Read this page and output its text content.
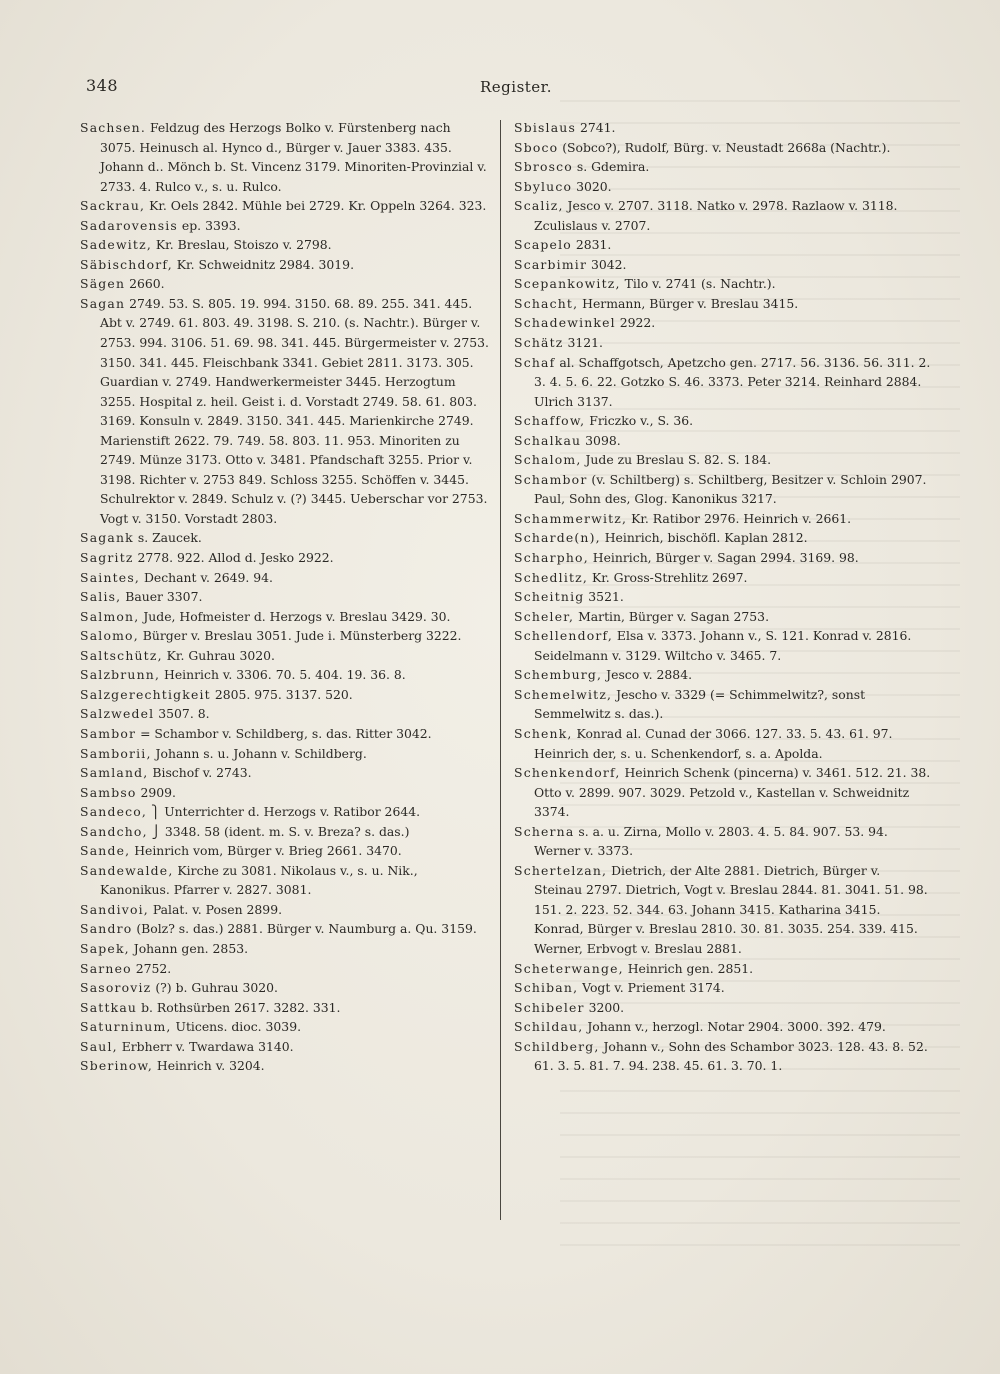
348	Register.

Sachsen. Feldzug des Herzogs Bolko v. Fürstenberg nach 3075. Heinusch al. Hynco d., Bürger v. Jauer 3383. 435. Johann d.. Mönch b. St. Vincenz 3179. Minoriten-Provinzial v. 2733. 4. Rulco v., s. u. Rulco.

Sackrau, Kr. Oels 2842. Mühle bei 2729. Kr. Oppeln 3264. 323.

Sadarovensis ep. 3393.

Sadewitz, Kr. Breslau, Stoiszo v. 2798.

Säbischdorf, Kr. Schweidnitz 2984. 3019.

Sägen 2660.

Sagan 2749. 53. S. 805. 19. 994. 3150. 68. 89. 255. 341. 445. Abt v. 2749. 61. 803. 49. 3198. S. 210. (s. Nachtr.). Bürger v. 2753. 994. 3106. 51. 69. 98. 341. 445. Bürgermeister v. 2753. 3150. 341. 445. Fleischbank 3341. Gebiet 2811. 3173. 305. Guardian v. 2749. Handwerkermeister 3445. Herzogtum 3255. Hospital z. heil. Geist i. d. Vorstadt 2749. 58. 61. 803. 3169. Konsuln v. 2849. 3150. 341. 445. Marienkirche 2749. Marienstift 2622. 79. 749. 58. 803. 11. 953. Minoriten zu 2749. Münze 3173. Otto v. 3481. Pfandschaft 3255. Prior v. 3198. Richter v. 2753 849. Schloss 3255. Schöffen v. 3445. Schulrektor v. 2849. Schulz v. (?) 3445. Ueberschar vor 2753. Vogt v. 3150. Vorstadt 2803.

Sagank s. Zaucek.

Sagritz 2778. 922. Allod d. Jesko 2922.

Saintes, Dechant v. 2649. 94.

Salis, Bauer 3307.

Salmon, Jude, Hofmeister d. Herzogs v. Breslau 3429. 30.

Salomo, Bürger v. Breslau 3051. Jude i. Münsterberg 3222.

Saltschütz, Kr. Guhrau 3020.

Salzbrunn, Heinrich v. 3306. 70. 5. 404. 19. 36. 8.

Salzgerechtigkeit 2805. 975. 3137. 520.

Salzwedel 3507. 8.

Sambor = Schambor v. Schildberg, s. das. Ritter 3042.

Samborii, Johann s. u. Johann v. Schildberg.

Samland, Bischof v. 2743.

Sambso 2909.

Sandeco, ⎫ Unterrichter d. Herzogs v. Ratibor 2644.

Sandcho, ⎭ 3348. 58 (ident. m. S. v. Breza? s. das.)

Sande, Heinrich vom, Bürger v. Brieg 2661. 3470.

Sandewalde, Kirche zu 3081. Nikolaus v., s. u. Nik., Kanonikus. Pfarrer v. 2827. 3081.

Sandivoi, Palat. v. Posen 2899.

Sandro (Bolz? s. das.) 2881. Bürger v. Naumburg a. Qu. 3159.

Sapek, Johann gen. 2853.

Sarneo 2752.

Sasoroviz (?) b. Guhrau 3020.

Sattkau b. Rothsürben 2617. 3282. 331.

Saturninum, Uticens. dioc. 3039.

Saul, Erbherr v. Twardawa 3140.

Sberinow, Heinrich v. 3204.

Sbislaus 2741.

Sboco (Sobco?), Rudolf, Bürg. v. Neustadt 2668a (Nachtr.).

Sbrosco s. Gdemira.

Sbyluco 3020.

Scaliz, Jesco v. 2707. 3118. Natko v. 2978. Razlaow v. 3118. Zculislaus v. 2707.

Scapelo 2831.

Scarbimir 3042.

Scepankowitz, Tilo v. 2741 (s. Nachtr.).

Schacht, Hermann, Bürger v. Breslau 3415.

Schadewinkel 2922.

Schätz 3121.

Schaf al. Schaffgotsch, Apetzcho gen. 2717. 56. 3136. 56. 311. 2. 3. 4. 5. 6. 22. Gotzko S. 46. 3373. Peter 3214. Reinhard 2884. Ulrich 3137.

Schaffow, Friczko v., S. 36.

Schalkau 3098.

Schalom, Jude zu Breslau S. 82. S. 184.

Schambor (v. Schiltberg) s. Schiltberg, Besitzer v. Schloin 2907. Paul, Sohn des, Glog. Kanonikus 3217.

Schammerwitz, Kr. Ratibor 2976. Heinrich v. 2661.

Scharde(n), Heinrich, bischöfl. Kaplan 2812.

Scharpho, Heinrich, Bürger v. Sagan 2994. 3169. 98.

Schedlitz, Kr. Gross-Strehlitz 2697.

Scheitnig 3521.

Scheler, Martin, Bürger v. Sagan 2753.

Schellendorf, Elsa v. 3373. Johann v., S. 121. Konrad v. 2816. Seidelmann v. 3129. Wiltcho v. 3465. 7.

Schemburg, Jesco v. 2884.

Schemelwitz, Jescho v. 3329 (= Schimmelwitz?, sonst Semmelwitz s. das.).

Schenk, Konrad al. Cunad der 3066. 127. 33. 5. 43. 61. 97. Heinrich der, s. u. Schenkendorf, s. a. Apolda.

Schenkendorf, Heinrich Schenk (pincerna) v. 3461. 512. 21. 38. Otto v. 2899. 907. 3029. Petzold v., Kastellan v. Schweidnitz 3374.

Scherna s. a. u. Zirna, Mollo v. 2803. 4. 5. 84. 907. 53. 94. Werner v. 3373.

Schertelzan, Dietrich, der Alte 2881. Dietrich, Bürger v. Steinau 2797. Dietrich, Vogt v. Breslau 2844. 81. 3041. 51. 98. 151. 2. 223. 52. 344. 63. Johann 3415. Katharina 3415. Konrad, Bürger v. Breslau 2810. 30. 81. 3035. 254. 339. 415. Werner, Erbvogt v. Breslau 2881.

Scheterwange, Heinrich gen. 2851.

Schiban, Vogt v. Priement 3174.

Schibeler 3200.

Schildau, Johann v., herzogl. Notar 2904. 3000. 392. 479.

Schildberg, Johann v., Sohn des Schambor 3023. 128. 43. 8. 52. 61. 3. 5. 81. 7. 94. 238. 45. 61. 3. 70. 1.
